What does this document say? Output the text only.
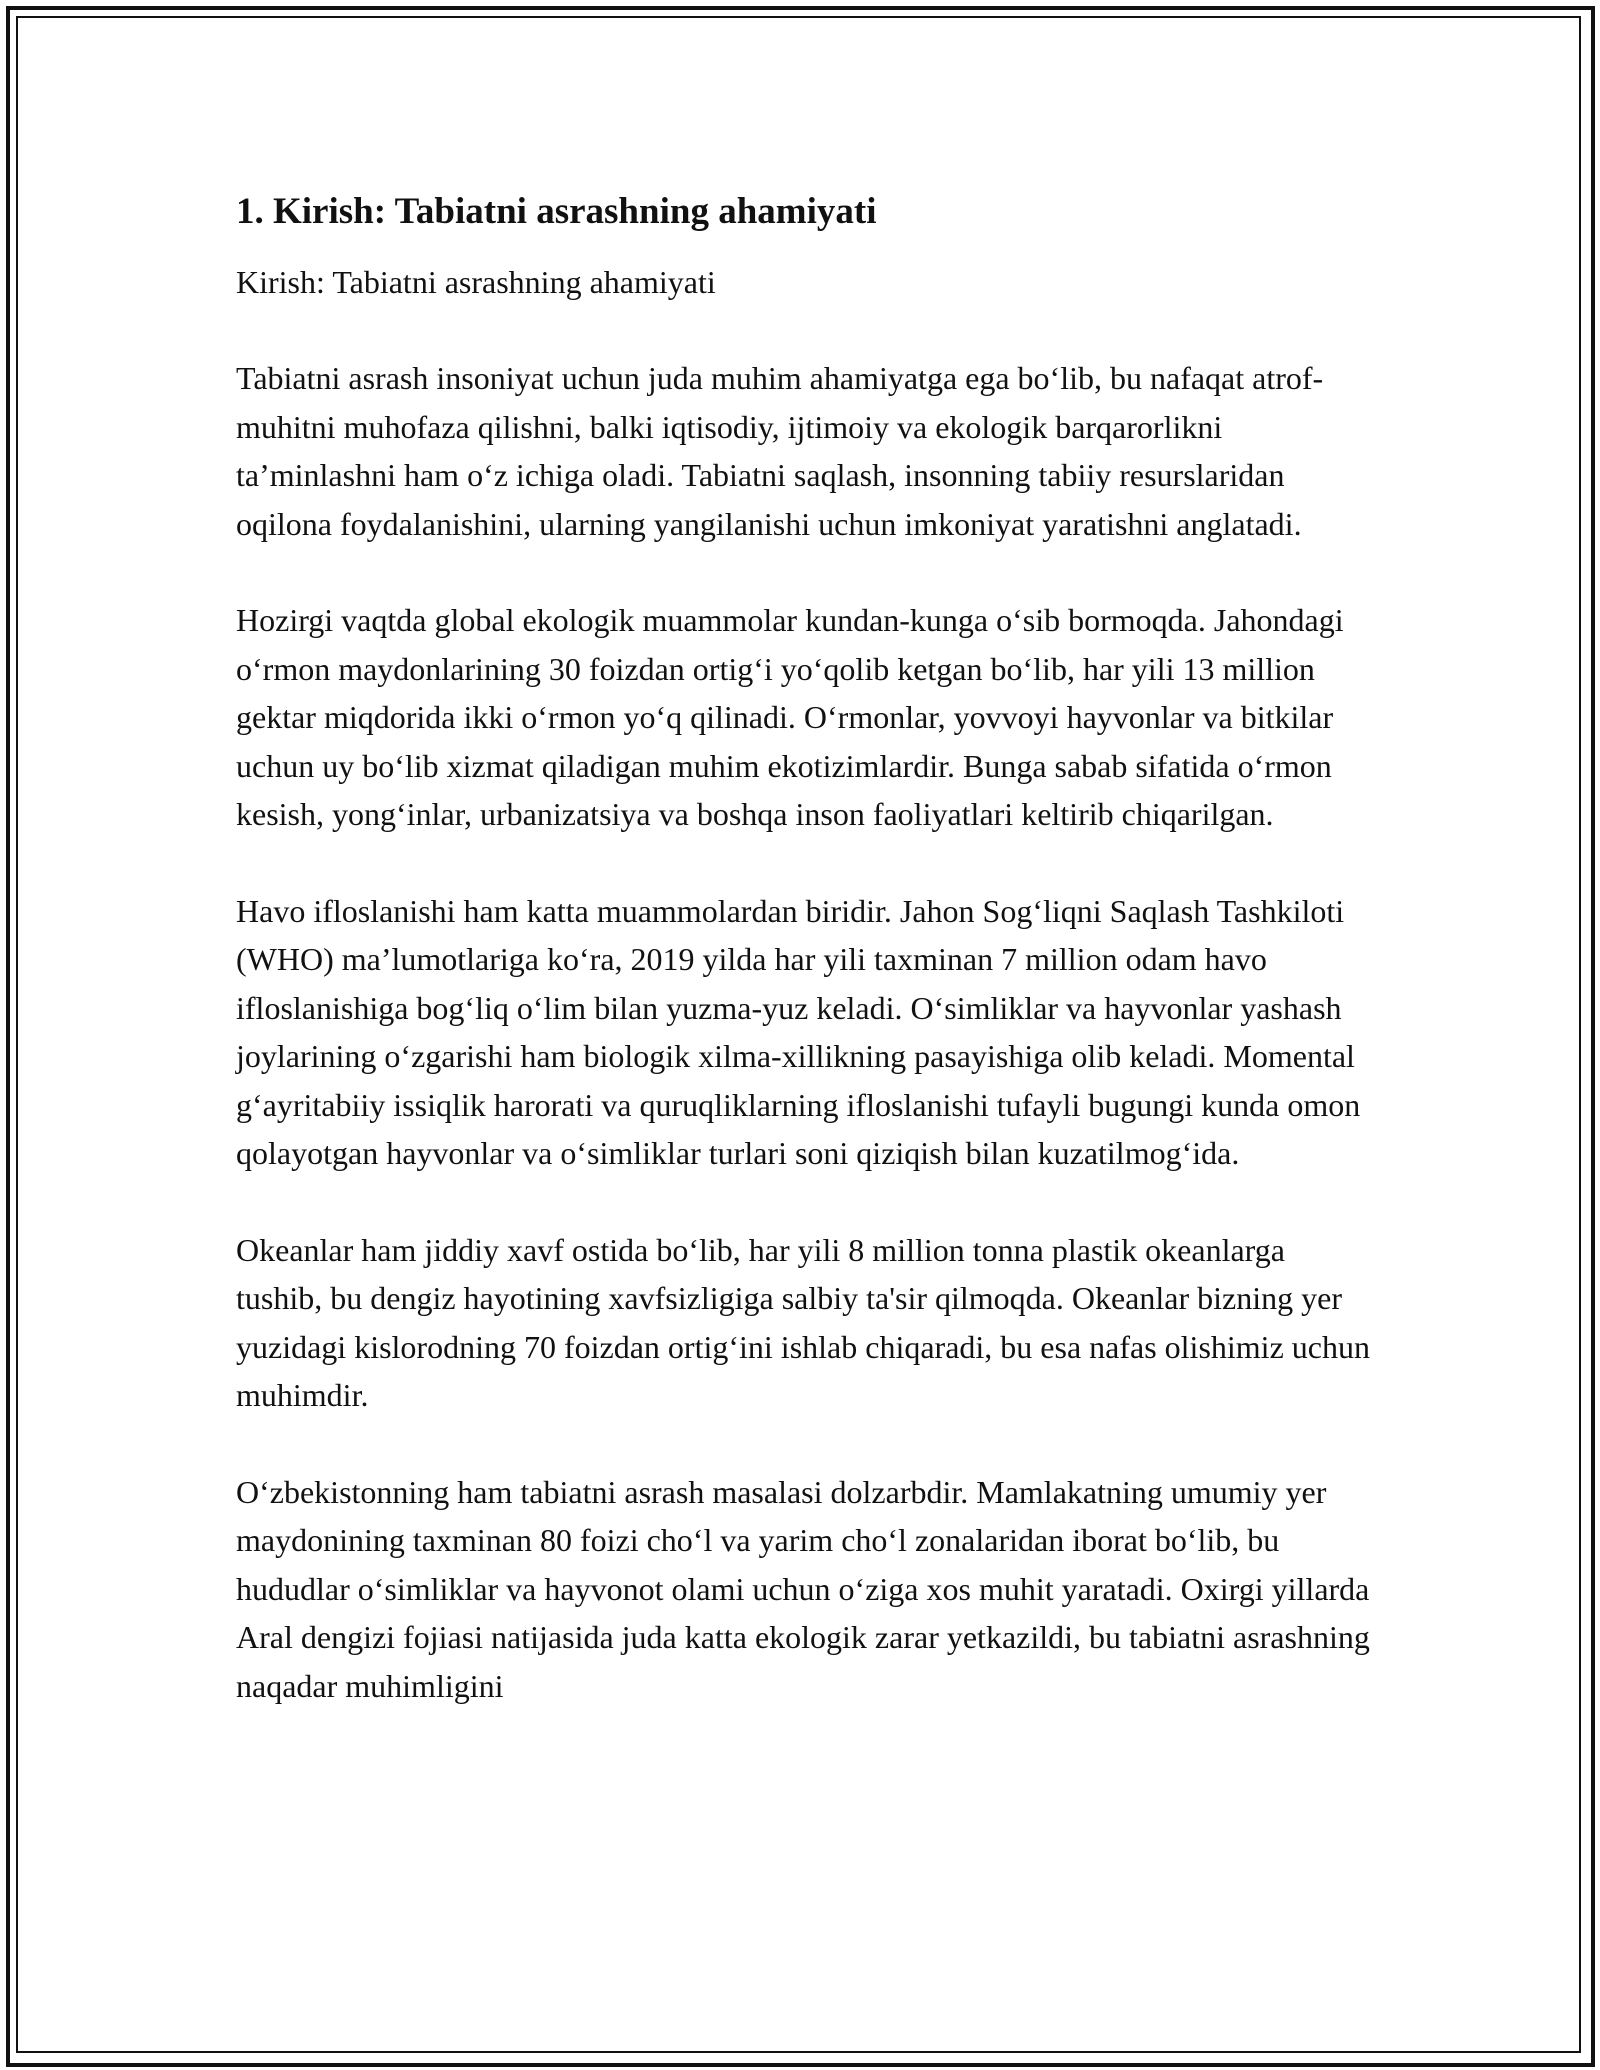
1. Kirish: Tabiatni asrashning ahamiyati

Kirish: Tabiatni asrashning ahamiyati

Tabiatni asrash insoniyat uchun juda muhim ahamiyatga ega bo‘lib, bu nafaqat atrof-muhitni muhofaza qilishni, balki iqtisodiy, ijtimoiy va ekologik barqarorlikni ta’minlashni ham o‘z ichiga oladi. Tabiatni saqlash, insonning tabiiy resurslaridan oqilona foydalanishini, ularning yangilanishi uchun imkoniyat yaratishni anglatadi.

Hozirgi vaqtda global ekologik muammolar kundan-kunga o‘sib bormoqda. Jahondagi o‘rmon maydonlarining 30 foizdan ortig‘i yo‘qolib ketgan bo‘lib, har yili 13 million gektar miqdorida ikki o‘rmon yo‘q qilinadi. O‘rmonlar, yovvoyi hayvonlar va bitkilar uchun uy bo‘lib xizmat qiladigan muhim ekotizimlardir. Bunga sabab sifatida o‘rmon kesish, yong‘inlar, urbanizatsiya va boshqa inson faoliyatlari keltirib chiqarilgan.

Havo ifloslanishi ham katta muammolardan biridir. Jahon Sog‘liqni Saqlash Tashkiloti (WHO) ma’lumotlariga ko‘ra, 2019 yilda har yili taxminan 7 million odam havo ifloslanishiga bog‘liq o‘lim bilan yuzma-yuz keladi. O‘simliklar va hayvonlar yashash joylarining o‘zgarishi ham biologik xilma-xillikning pasayishiga olib keladi. Momental g‘ayritabiiy issiqlik harorati va quruqliklarning ifloslanishi tufayli bugungi kunda omon qolayotgan hayvonlar va o‘simliklar turlari soni qiziqish bilan kuzatilmog‘ida.

Okeanlar ham jiddiy xavf ostida bo‘lib, har yili 8 million tonna plastik okeanlarga tushib, bu dengiz hayotining xavfsizligiga salbiy ta'sir qilmoqda. Okeanlar bizning yer yuzidagi kislorodning 70 foizdan ortig‘ini ishlab chiqaradi, bu esa nafas olishimiz uchun muhimdir.

O‘zbekistonning ham tabiatni asrash masalasi dolzarbdir. Mamlakatning umumiy yer maydonining taxminan 80 foizi cho‘l va yarim cho‘l zonalaridan iborat bo‘lib, bu hududlar o‘simliklar va hayvonot olami uchun o‘ziga xos muhit yaratadi. Oxirgi yillarda Aral dengizi fojiasi natijasida juda katta ekologik zarar yetkazildi, bu tabiatni asrashning naqadar muhimligini
